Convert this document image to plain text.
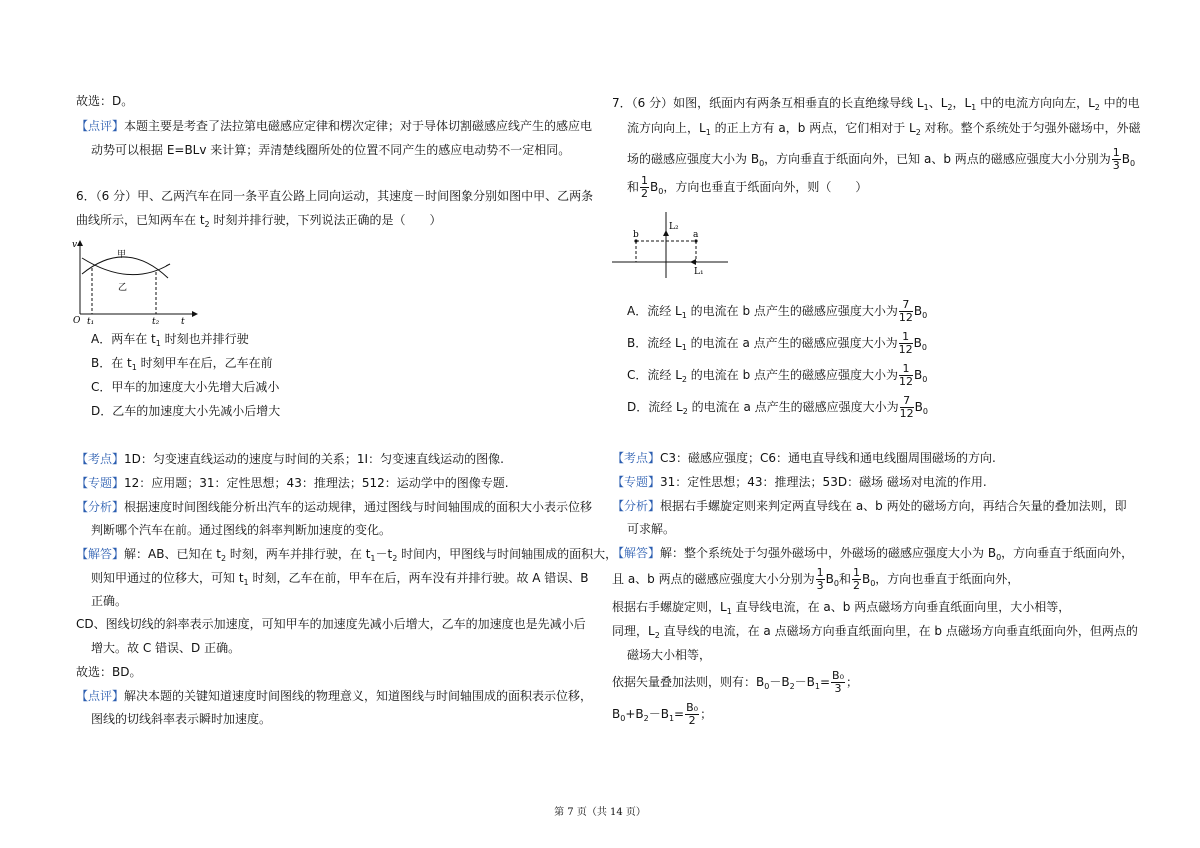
故选：D。
【点评】本题主要是考查了法拉第电磁感应定律和楞次定律；对于导体切割磁感应线产生的感应电
动势可以根据 E=BLv 来计算；弄清楚线圈所处的位置不同产生的感应电动势不一定相同。
6．（6 分）甲、乙两汽车在同一条平直公路上同向运动，其速度－时间图象分别如图中甲、乙两条
曲线所示，已知两车在 $t_2$ 时刻并排行驶，下列说法正确的是（　　）
v
t
O
甲
乙
t₁	t₂
A．两车在 $t_1$ 时刻也并排行驶
B．在 $t_1$ 时刻甲车在后，乙车在前
C．甲车的加速度大小先增大后减小
D．乙车的加速度大小先减小后增大
【考点】1D：匀变速直线运动的速度与时间的关系；1I：匀变速直线运动的图像.
【专题】12：应用题；31：定性思想；43：推理法；512：运动学中的图像专题.
【分析】根据速度时间图线能分析出汽车的运动规律，通过图线与时间轴围成的面积大小表示位移
判断哪个汽车在前。通过图线的斜率判断加速度的变化。
【解答】解：AB、已知在 $t_2$ 时刻，两车并排行驶，在 $t_1-t_2$ 时间内，甲图线与时间轴围成的面积大，
则知甲通过的位移大，可知 $t_1$ 时刻，乙车在前，甲车在后，两车没有并排行驶。故 A 错误、B
正确。
CD、图线切线的斜率表示加速度，可知甲车的加速度先减小后增大，乙车的加速度也是先减小后
增大。故 C 错误、D 正确。
故选：BD。
【点评】解决本题的关键知道速度时间图线的物理意义，知道图线与时间轴围成的面积表示位移，
图线的切线斜率表示瞬时加速度。
7．（6 分）如图，纸面内有两条互相垂直的长直绝缘导线 $L_1$、$L_2$，$L_1$ 中的电流方向向左，$L_2$ 中的电
流方向向上，$L_1$ 的正上方有 a，b 两点，它们相对于 $L_2$ 对称。整个系统处于匀强外磁场中，外磁
场的磁感应强度大小为 $B_0$，方向垂直于纸面向外，已知 a、b 两点的磁感应强度大小分别为 $\frac{1}{3} B_0$
和 $\frac{1}{2} B_0$，方向也垂直于纸面向外，则（　　）
b	a
L₂
L₁
A．流经 $L_1$ 的电流在 b 点产生的磁感应强度大小为 $\frac{7}{12} B_0$
B．流经 $L_1$ 的电流在 a 点产生的磁感应强度大小为 $\frac{1}{12} B_0$
C．流经 $L_2$ 的电流在 b 点产生的磁感应强度大小为 $\frac{1}{12} B_0$
D．流经 $L_2$ 的电流在 a 点产生的磁感应强度大小为 $\frac{7}{12} B_0$
【考点】C3：磁感应强度；C6：通电直导线和通电线圈周围磁场的方向.
【专题】31：定性思想；43：推理法；53D：磁场 磁场对电流的作用.
【分析】根据右手螺旋定则来判定两直导线在 a、b 两处的磁场方向，再结合矢量的叠加法则，即
可求解。
【解答】解：整个系统处于匀强外磁场中，外磁场的磁感应强度大小为 $B_0$，方向垂直于纸面向外，
且 a、b 两点的磁感应强度大小分别为 $\frac{1}{3} B_0$和 $\frac{1}{2} B_0$，方向也垂直于纸面向外，
根据右手螺旋定则，$L_1$ 直导线电流，在 a、b 两点磁场方向垂直纸面向里，大小相等，
同理，$L_2$ 直导线的电流，在 a 点磁场方向垂直纸面向里，在 b 点磁场方向垂直纸面向外，但两点的
磁场大小相等，
依据矢量叠加法则，则有：$B_0-B_2-B_1= \frac{\text{B₀}}{3}$ ；
$B_0+B_2-B_1= \frac{\text{B₀}}{2}$ ；
第 7 页（共 14 页）
